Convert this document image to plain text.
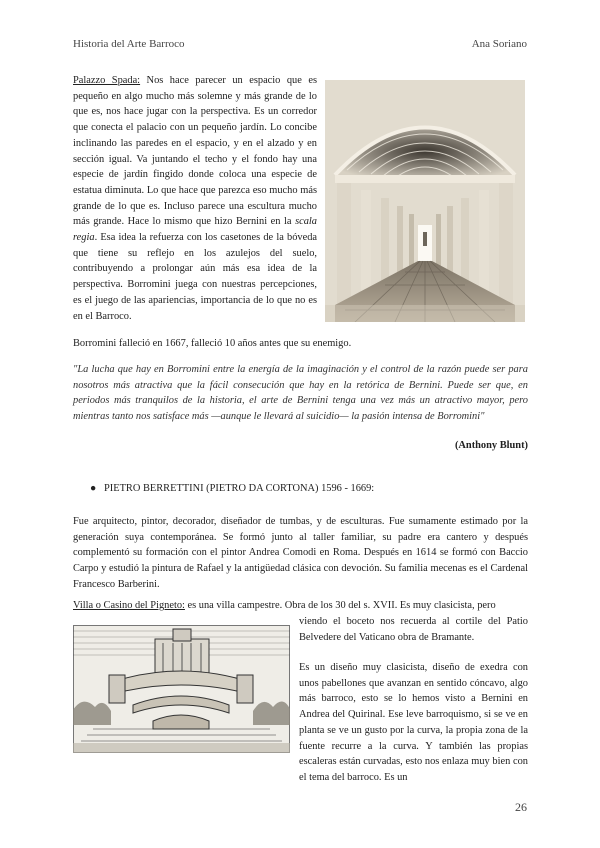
Historia del Arte Barroco	Ana Soriano

Palazzo Spada: Nos hace parecer un espacio que es pequeño en algo mucho más solemne y más grande de lo que es, nos hace jugar con la perspectiva. Es un corredor que conecta el palacio con un pequeño jardín. Lo concibe inclinando las paredes en el espacio, y en el alzado y en sección igual. Va juntando el techo y el fondo hay una especie de jardín fingido donde coloca una especie de estatua diminuta. Lo que hace que parezca eso mucho más grande de lo que es. Incluso parece una escultura mucho más grande. Hace lo mismo que hizo Bernini en la scala regia. Esa idea la refuerza con los casetones de la bóveda que tiene su reflejo en los azulejos del suelo, contribuyendo a prolongar aún más esa idea de la perspectiva. Borromini juega con nuestras percepciones, es el juego de las apariencias, importancia de lo que no es en el Barroco.

Borromini falleció en 1667, falleció 10 años antes que su enemigo.

"La lucha que hay en Borromini entre la energía de la imaginación y el control de la razón puede ser para nosotros más atractiva que la fácil consecución que hay en la retórica de Bernini. Puede ser que, en periodos más tranquilos de la historia, el arte de Bernini tenga una vez más un atractivo mayor, pero mientras tanto nos satisface más —aunque le llevará al suicidio— la pasión intensa de Borromini"

(Anthony Blunt)
● PIETRO BERRETTINI (PIETRO DA CORTONA) 1596 - 1669:

Fue arquitecto, pintor, decorador, diseñador de tumbas, y de esculturas. Fue sumamente estimado por la generación suya contemporánea. Se formó junto al taller familiar, su padre era cantero y después complementó su formación con el pintor Andrea Comodi en Roma. Después en 1614 se formó con Baccio Carpo y estudió la pintura de Rafael y la antigüedad clásica con devoción. Su familia mecenas es el Cardenal Francesco Barberini.

Villa o Casino del Pigneto: es una villa campestre. Obra de los 30 del s. XVII. Es muy clasicista, pero

viendo el boceto nos recuerda al cortile del Patio Belvedere del Vaticano obra de Bramante.

Es un diseño muy clasicista, diseño de exedra con unos pabellones que avanzan en sentido cóncavo, algo más barroco, esto se lo hemos visto a Bernini en Andrea del Quirinal. Ese leve barroquismo, si se ve en planta se ve un gusto por la curva, la propia zona de la fuente recurre a la curva. Y también las propias escaleras están curvadas, esto nos enlaza muy bien con el tema del barroco. Es un

26
